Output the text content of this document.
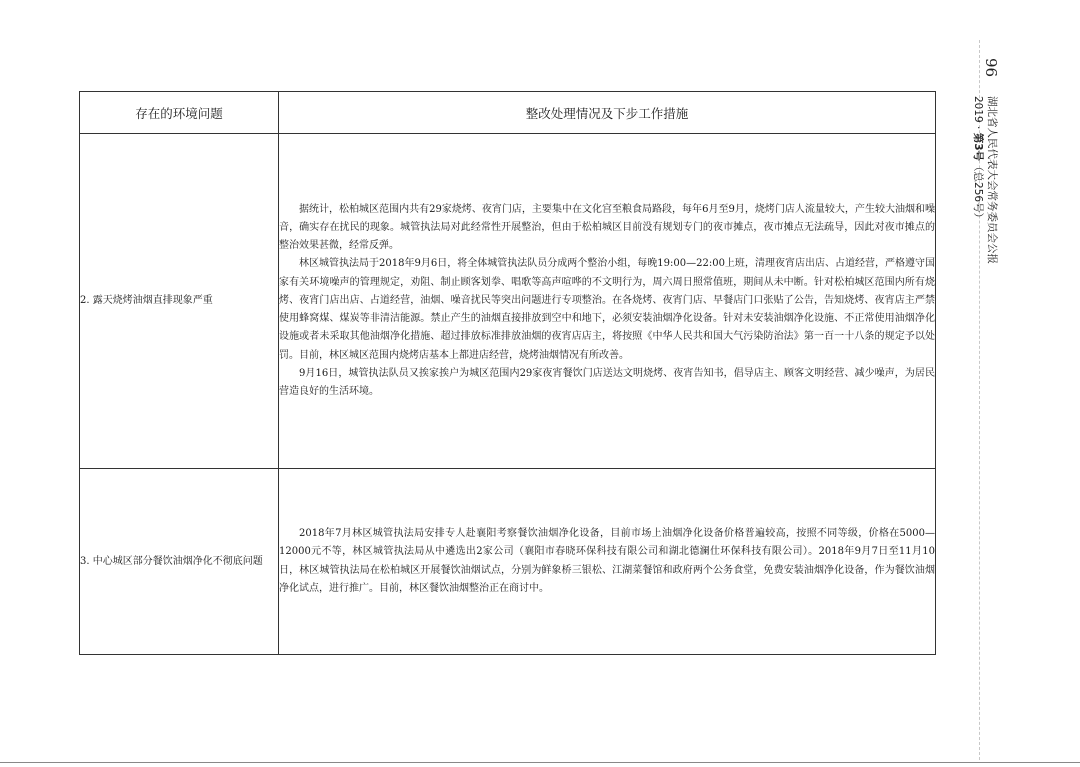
96
湖北省人民代表大会常务委员会公报
2019 · 第3号（总256号）
存在的环境问题	整改处理情况及下步工作措施
2. 露天烧烤油烟直排现象严重	据统计，松柏城区范围内共有29家烧烤、夜宵门店，主要集中在文化宫至粮食局路段，每年6月至9月，烧烤门店人流量较大，产生较大油烟和噪音，确实存在扰民的现象。城管执法局对此经常性开展整治，但由于松柏城区目前没有规划专门的夜市摊点，夜市摊点无法疏导，因此对夜市摊点的整治效果甚微，经常反弹。

林区城管执法局于2018年9月6日，将全体城管执法队员分成两个整治小组，每晚19:00—22:00上班，清理夜宵店出店、占道经营，严格遵守国家有关环境噪声的管理规定，劝阻、制止顾客划拳、唱歌等高声喧哗的不文明行为，周六周日照常值班，期间从未中断。针对松柏城区范围内所有烧烤、夜宵门店出店、占道经营，油烟、噪音扰民等突出问题进行专项整治。在各烧烤、夜宵门店、早餐店门口张贴了公告，告知烧烤、夜宵店主严禁使用蜂窝煤、煤炭等非清洁能源。禁止产生的油烟直接排放到空中和地下，必须安装油烟净化设备。针对未安装油烟净化设施、不正常使用油烟净化设施或者未采取其他油烟净化措施、超过排放标准排放油烟的夜宵店店主，将按照《中华人民共和国大气污染防治法》第一百一十八条的规定予以处罚。目前，林区城区范围内烧烤店基本上都进店经营，烧烤油烟情况有所改善。

9月16日，城管执法队员又挨家挨户为城区范围内29家夜宵餐饮门店送达文明烧烤、夜宵告知书，倡导店主、顾客文明经营、减少噪声，为居民营造良好的生活环境。

3. 中心城区部分餐饮油烟净化不彻底问题	2018年7月林区城管执法局安排专人赴襄阳考察餐饮油烟净化设备，目前市场上油烟净化设备价格普遍较高，按照不同等级，价格在5000—12000元不等，林区城管执法局从中遴选出2家公司（襄阳市春晓环保科技有限公司和湖北德澜仕环保科技有限公司）。2018年9月7日至11月10日，林区城管执法局在松柏城区开展餐饮油烟试点，分别为鲜象桥三银松、江湖菜餐馆和政府两个公务食堂，免费安装油烟净化设备，作为餐饮油烟净化试点，进行推广。目前，林区餐饮油烟整治正在商讨中。
